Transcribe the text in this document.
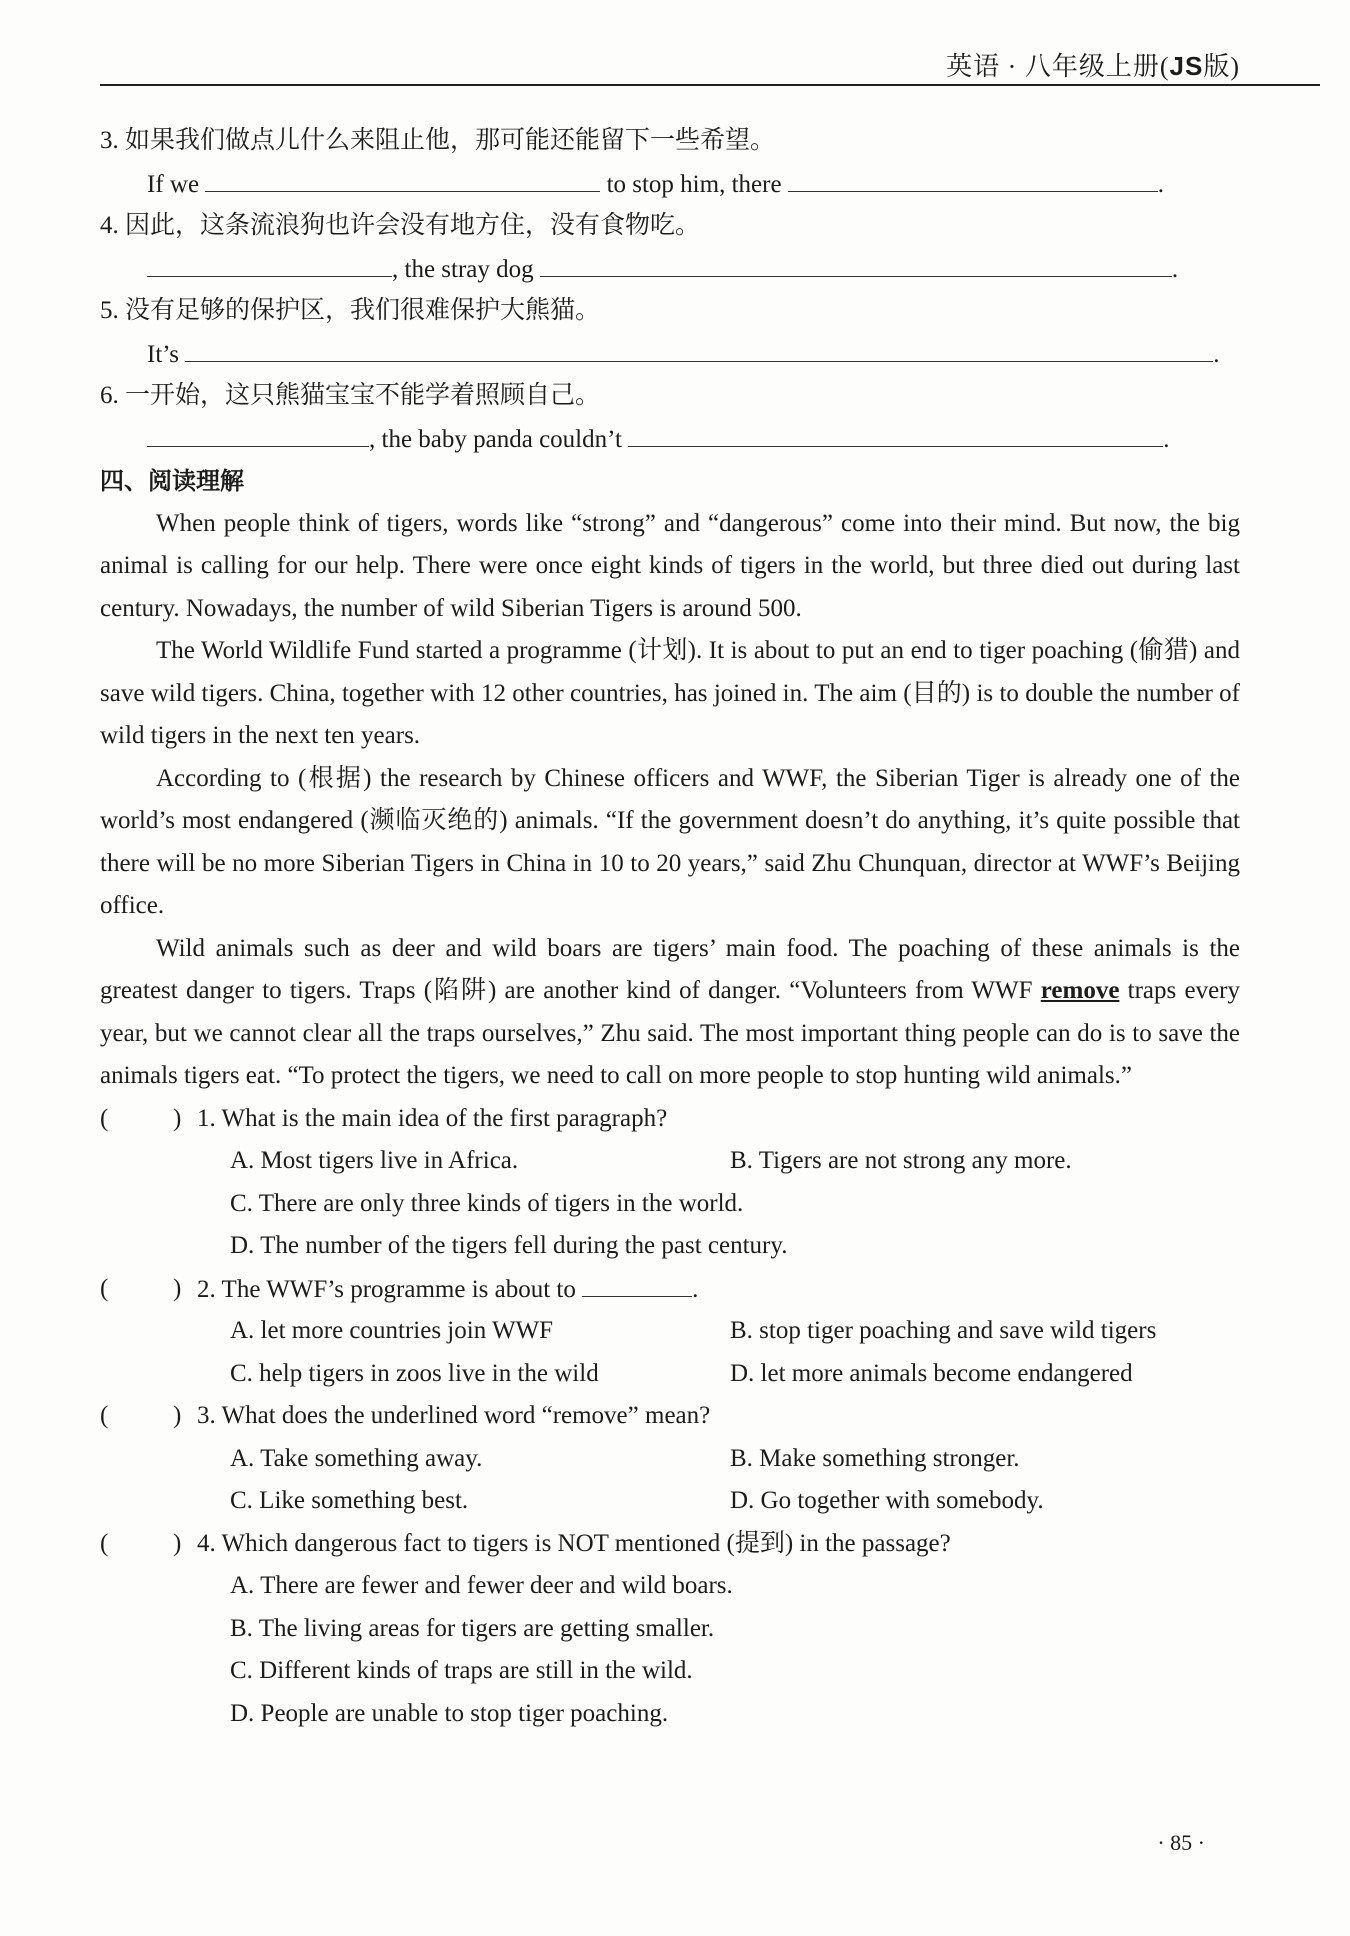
英语 · 八年级上册(JS版)
3. 如果我们做点儿什么来阻止他，那可能还能留下一些希望。
If we	to stop him, there	.
4. 因此，这条流浪狗也许会没有地方住，没有食物吃。
, the stray dog	.
5. 没有足够的保护区，我们很难保护大熊猫。
It’s	.
6. 一开始，这只熊猫宝宝不能学着照顾自己。
, the baby panda couldn’t	.
四、阅读理解
When people think of tigers, words like “strong” and “dangerous” come into their mind. But now, the big animal is calling for our help. There were once eight kinds of tigers in the world, but three died out during last century. Nowadays, the number of wild Siberian Tigers is around 500.
The World Wildlife Fund started a programme (计划). It is about to put an end to tiger poaching (偷猎) and save wild tigers. China, together with 12 other countries, has joined in. The aim (目的) is to double the number of wild tigers in the next ten years.
According to (根据) the research by Chinese officers and WWF, the Siberian Tiger is already one of the world’s most endangered (濒临灭绝的) animals. “If the government doesn’t do anything, it’s quite possible that there will be no more Siberian Tigers in China in 10 to 20 years,” said Zhu Chunquan, director at WWF’s Beijing office.
Wild animals such as deer and wild boars are tigers’ main food. The poaching of these animals is the greatest danger to tigers. Traps (陷阱) are another kind of danger. “Volunteers from WWF remove traps every year, but we cannot clear all the traps ourselves,” Zhu said. The most important thing people can do is to save the animals tigers eat. “To protect the tigers, we need to call on more people to stop hunting wild animals.”
(	) 1. What is the main idea of the first paragraph?
A. Most tigers live in Africa.	B. Tigers are not strong any more.
C. There are only three kinds of tigers in the world.
D. The number of the tigers fell during the past century.
(	) 2. The WWF’s programme is about to	.
A. let more countries join WWF	B. stop tiger poaching and save wild tigers
C. help tigers in zoos live in the wild	D. let more animals become endangered
(	) 3. What does the underlined word “remove” mean?
A. Take something away.	B. Make something stronger.
C. Like something best.	D. Go together with somebody.
(	) 4. Which dangerous fact to tigers is NOT mentioned (提到) in the passage?
A. There are fewer and fewer deer and wild boars.
B. The living areas for tigers are getting smaller.
C. Different kinds of traps are still in the wild.
D. People are unable to stop tiger poaching.
· 85 ·
